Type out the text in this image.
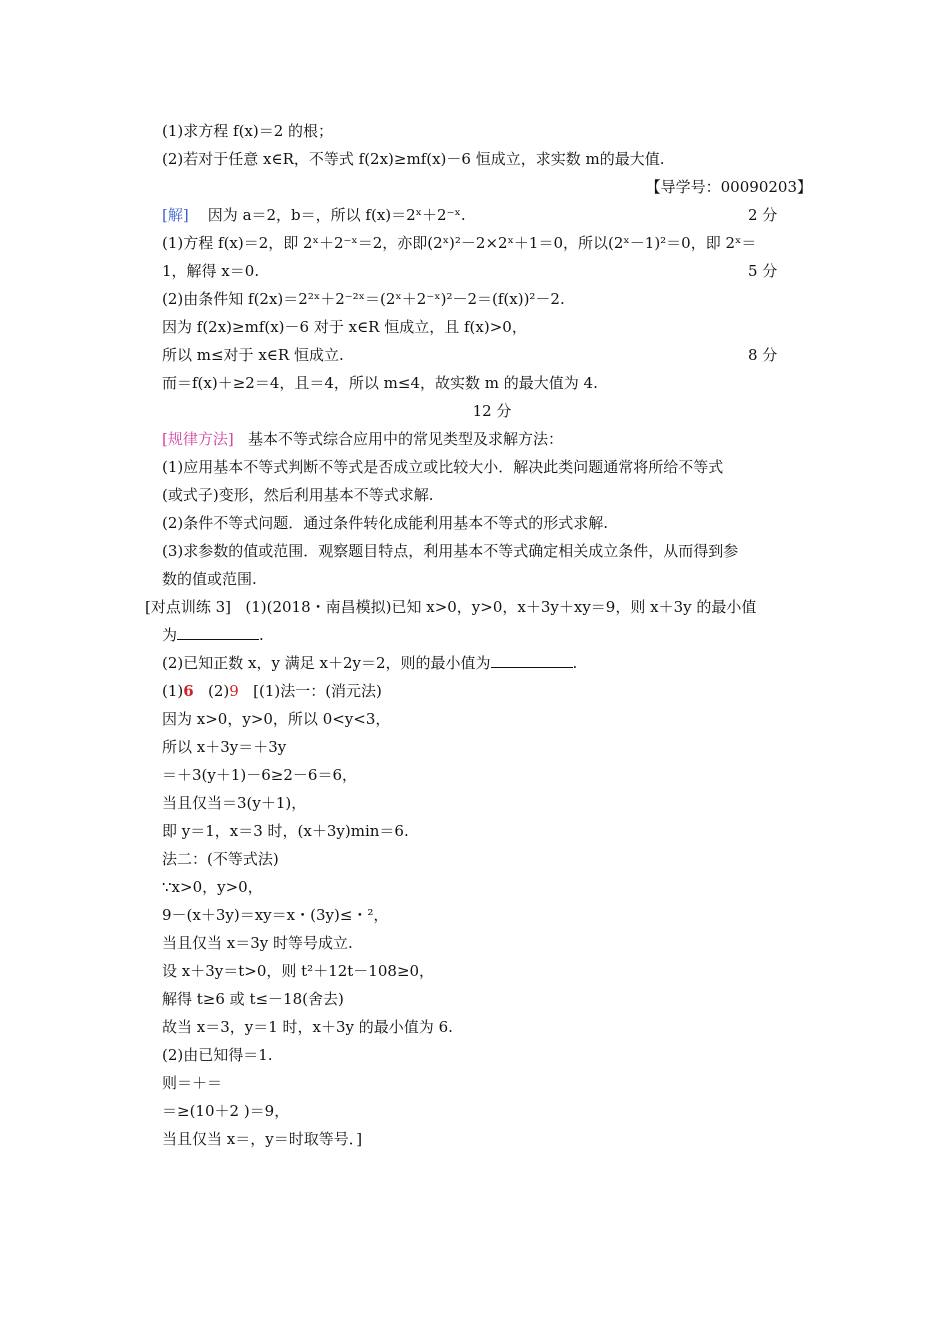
(1)求方程 f(x)＝2 的根；
(2)若对于任意 x∈R，不等式 f(2x)≥mf(x)－6 恒成立，求实数 m的最大值.
【导学号：00090203】
[解] 因为 a＝2，b＝，所以 f(x)＝2ˣ＋2⁻ˣ.	2 分
(1)方程 f(x)＝2，即 2ˣ＋2⁻ˣ＝2，亦即(2ˣ)²－2×2ˣ＋1＝0，所以(2ˣ－1)²＝0，即 2ˣ＝
1，解得 x＝0.	5 分
(2)由条件知 f(2x)＝2²ˣ＋2⁻²ˣ＝(2ˣ＋2⁻ˣ)²－2＝(f(x))²－2.
因为 f(2x)≥mf(x)－6 对于 x∈R 恒成立，且 f(x)>0，
所以 m≤对于 x∈R 恒成立.	8 分
而＝f(x)＋≥2＝4，且＝4，所以 m≤4，故实数 m 的最大值为 4.
12 分
[规律方法] 基本不等式综合应用中的常见类型及求解方法：
(1)应用基本不等式判断不等式是否成立或比较大小．解决此类问题通常将所给不等式
(或式子)变形，然后利用基本不等式求解.
(2)条件不等式问题．通过条件转化成能利用基本不等式的形式求解.
(3)求参数的值或范围．观察题目特点，利用基本不等式确定相关成立条件，从而得到参
数的值或范围.
[对点训练 3] (1)(2018・南昌模拟)已知 x>0，y>0，x＋3y＋xy＝9，则 x＋3y 的最小值
为	.
(2)已知正数 x，y 满足 x＋2y＝2，则的最小值为	.
(1)6 (2)9 [(1)法一：(消元法)
因为 x>0，y>0，所以 0<y<3，
所以 x＋3y＝＋3y
＝＋3(y＋1)－6≥2－6＝6，
当且仅当＝3(y＋1)，
即 y＝1，x＝3 时，(x＋3y)min＝6.
法二：(不等式法)
∵x>0，y>0，
9－(x＋3y)＝xy＝x・(3y)≤・²，
当且仅当 x＝3y 时等号成立.
设 x＋3y＝t>0，则 t²＋12t－108≥0，
解得 t≥6 或 t≤－18(舍去)
故当 x＝3，y＝1 时，x＋3y 的最小值为 6.
(2)由已知得＝1.
则＝＋＝
＝≥(10＋2 )＝9，
当且仅当 x＝，y＝时取等号．]
